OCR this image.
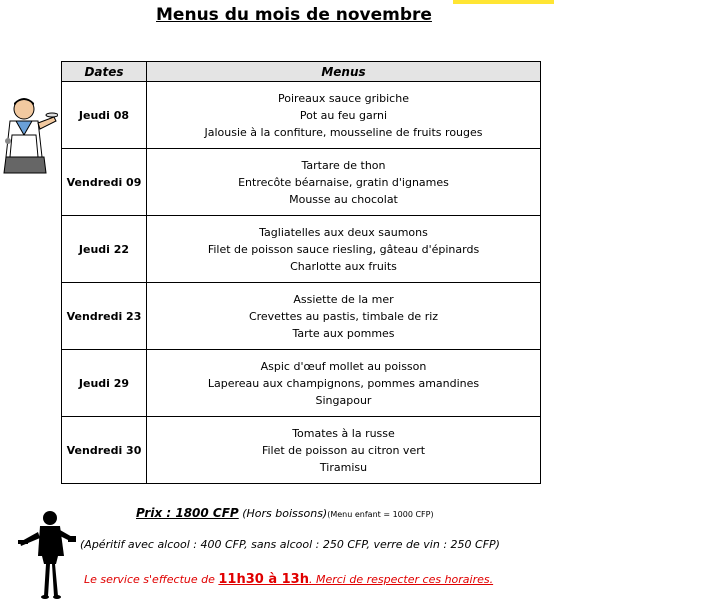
Menus du mois de novembre
Dates	Menus
Jeudi 08	Poireaux sauce gribiche
Pot au feu garni
Jalousie à la confiture, mousseline de fruits rouges

Vendredi 09	Tartare de thon
Entrecôte béarnaise, gratin d'ignames
Mousse au chocolat

Jeudi 22	Tagliatelles aux deux saumons
Filet de poisson sauce riesling, gâteau d'épinards
Charlotte aux fruits

Vendredi 23	Assiette de la mer
Crevettes au pastis, timbale de riz
Tarte aux pommes

Jeudi 29	Aspic d'œuf mollet au poisson
Lapereau aux champignons, pommes amandines
Singapour

Vendredi 30	Tomates à la russe
Filet de poisson au citron vert
Tiramisu
Prix : 1800 CFP (Hors boissons)(Menu enfant = 1000 CFP)
(Apéritif avec alcool : 400 CFP, sans alcool : 250 CFP, verre de vin : 250 CFP)
Le service s'effectue de 11h30 à 13h. Merci de respecter ces horaires.
